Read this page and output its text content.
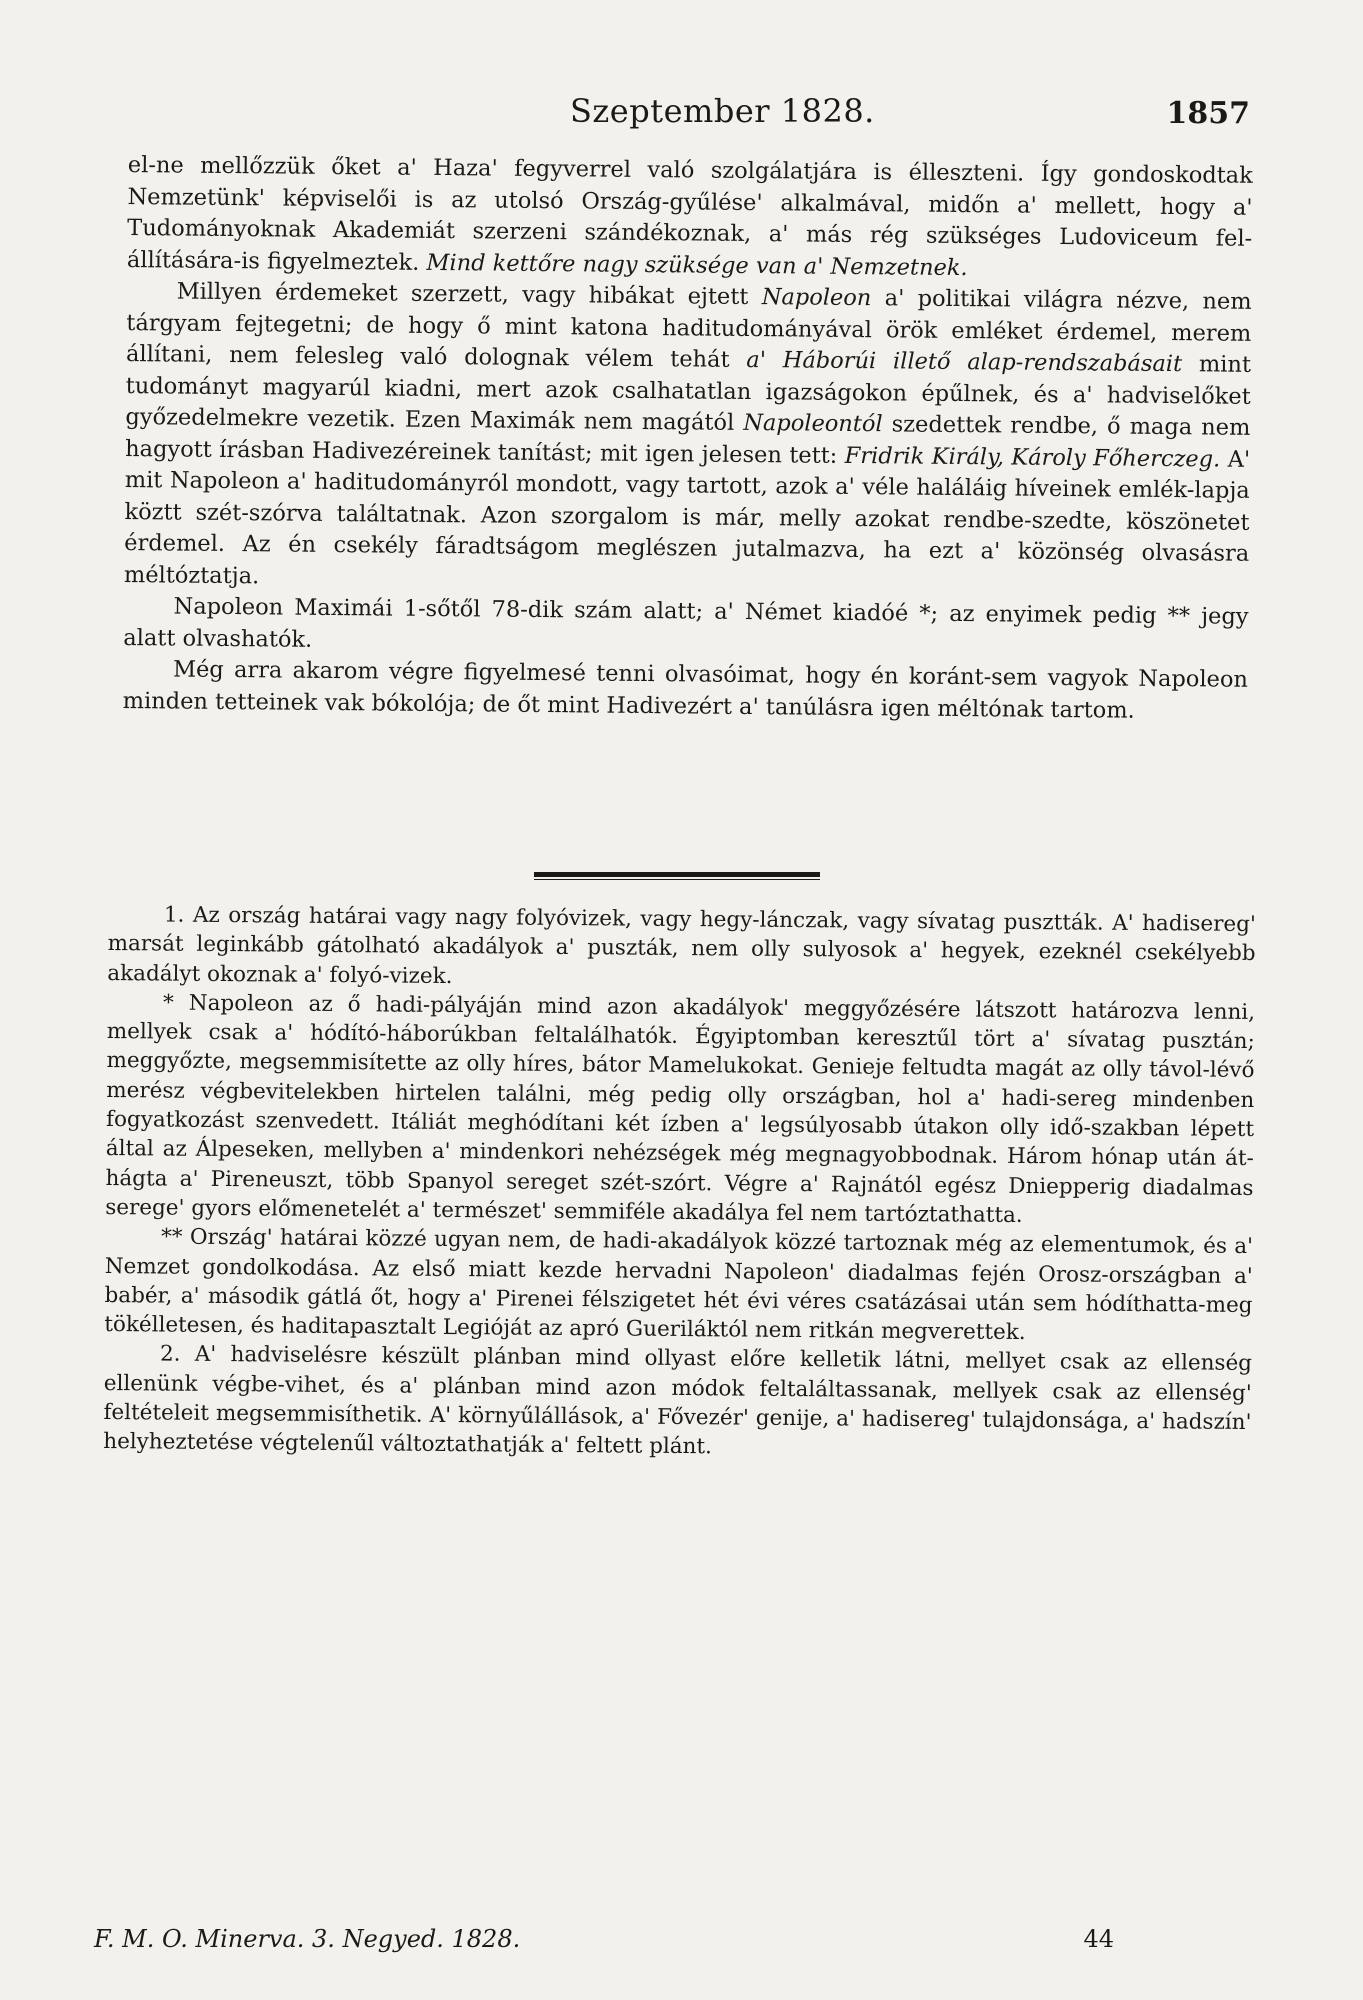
Szeptember 1828.	1857

el-ne mellőzzük őket a' Haza' fegyverrel való szolgálatjára is élleszteni. Így gondoskodtak Nemzetünk' képviselői is az utolsó Ország-gyűlése' alkalmával, midőn a' mellett, hogy a' Tudományoknak Akademiát szerzeni szándékoznak, a' más rég szükséges Ludoviceum fel-állítására-is figyelmeztek. Mind kettőre nagy szüksége van a' Nemzetnek.

Millyen érdemeket szerzett, vagy hibákat ejtett Napoleon a' politikai világra nézve, nem tárgyam fejtegetni; de hogy ő mint katona haditudományával örök emléket érdemel, merem állítani, nem felesleg való dolognak vélem tehát a' Háborúi illető alap-rendszabásait mint tudományt magyarúl kiadni, mert azok csalhatatlan igazságokon épűlnek, és a' hadviselőket győzedelmekre vezetik. Ezen Maximák nem magától Napoleontól szedettek rendbe, ő maga nem hagyott írásban Hadivezéreinek tanítást; mit igen jelesen tett: Fridrik Király, Károly Főherczeg. A' mit Napoleon a' haditudományról mondott, vagy tartott, azok a' véle haláláig híveinek emlék-lapja köztt szét-szórva találtatnak. Azon szorgalom is már, melly azokat rendbe-szedte, köszönetet érdemel. Az én csekély fáradtságom meglészen jutalmazva, ha ezt a' közönség olvasásra méltóztatja.

Napoleon Maximái 1-sőtől 78-dik szám alatt; a' Német kiadóé *; az enyimek pedig ** jegy alatt olvashatók.

Még arra akarom végre figyelmesé tenni olvasóimat, hogy én koránt-sem vagyok Napoleon minden tetteinek vak bókolója; de őt mint Hadivezért a' tanúlásra igen méltónak tartom.

1. Az ország határai vagy nagy folyóvizek, vagy hegy-lánczak, vagy sívatag pusztták. A' hadisereg' marsát leginkább gátolható akadályok a' puszták, nem olly sulyosok a' hegyek, ezeknél csekélyebb akadályt okoznak a' folyó-vizek.

* Napoleon az ő hadi-pályáján mind azon akadályok' meggyőzésére látszott határozva lenni, mellyek csak a' hódító-háborúkban feltalálhatók. Égyiptomban keresztűl tört a' sívatag pusztán; meggyőzte, megsemmisítette az olly híres, bátor Mamelukokat. Genieje feltudta magát az olly távol-lévő merész végbevitelekben hirtelen találni, még pedig olly országban, hol a' hadi-sereg mindenben fogyatkozást szenvedett. Itáliát meghódítani két ízben a' legsúlyosabb útakon olly idő-szakban lépett által az Álpeseken, mellyben a' mindenkori nehézségek még megnagyobbodnak. Három hónap után át-hágta a' Pireneuszt, több Spanyol sereget szét-szórt. Végre a' Rajnától egész Dniepperig diadalmas serege' gyors előmenetelét a' természet' semmiféle akadálya fel nem tartóztathatta.

** Ország' határai közzé ugyan nem, de hadi-akadályok közzé tartoznak még az elementumok, és a' Nemzet gondolkodása. Az első miatt kezde hervadni Napoleon' diadalmas fején Orosz-országban a' babér, a' második gátlá őt, hogy a' Pirenei félszigetet hét évi véres csatázásai után sem hódíthatta-meg tökélletesen, és haditapasztalt Legióját az apró Gueriláktól nem ritkán megverettek.

2. A' hadviselésre készült plánban mind ollyast előre kelletik látni, mellyet csak az ellenség ellenünk végbe-vihet, és a' plánban mind azon módok feltaláltassanak, mellyek csak az ellenség' feltételeit megsemmisíthetik. A' környűlállások, a' Fővezér' genije, a' hadisereg' tulajdonsága, a' hadszín' helyheztetése végtelenűl változtathatják a' feltett plánt.

F. M. O. Minerva. 3. Negyed. 1828.	44
